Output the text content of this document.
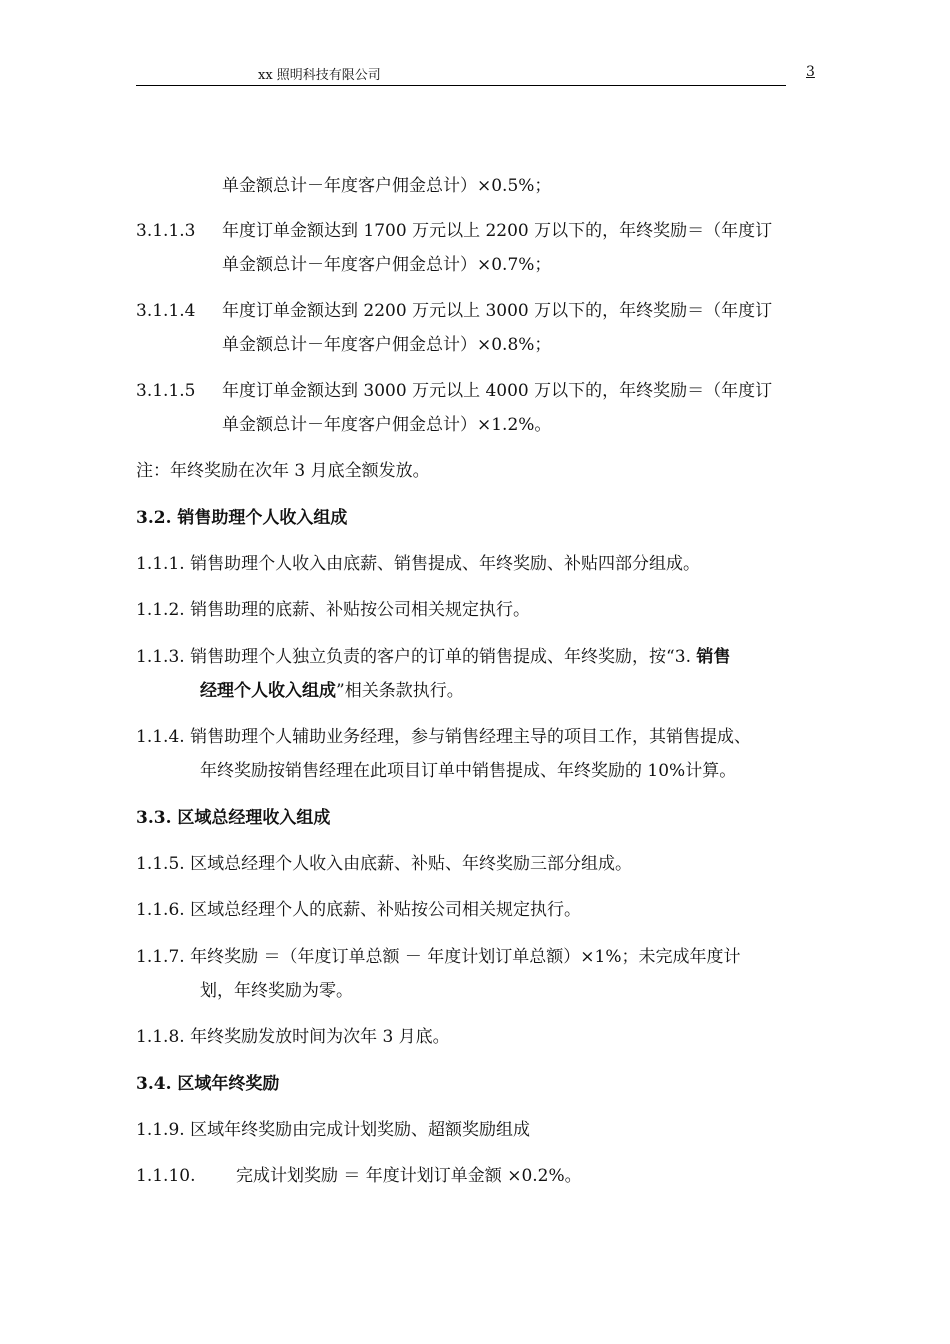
xx 照明科技有限公司	3
单金额总计－年度客户佣金总计）×0.5%；
3.1.1.3 年度订单金额达到 1700 万元以上 2200 万以下的，年终奖励＝（年度订
单金额总计－年度客户佣金总计）×0.7%；
3.1.1.4 年度订单金额达到 2200 万元以上 3000 万以下的，年终奖励＝（年度订
单金额总计－年度客户佣金总计）×0.8%；
3.1.1.5 年度订单金额达到 3000 万元以上 4000 万以下的，年终奖励＝（年度订
单金额总计－年度客户佣金总计）×1.2%。
注：年终奖励在次年 3 月底全额发放。
3.2. 销售助理个人收入组成
1.1.1. 销售助理个人收入由底薪、销售提成、年终奖励、补贴四部分组成。
1.1.2. 销售助理的底薪、补贴按公司相关规定执行。
1.1.3. 销售助理个人独立负责的客户的订单的销售提成、年终奖励，按“3. 销售
经理个人收入组成”相关条款执行。
1.1.4. 销售助理个人辅助业务经理，参与销售经理主导的项目工作，其销售提成、
年终奖励按销售经理在此项目订单中销售提成、年终奖励的 10%计算。
3.3. 区域总经理收入组成
1.1.5. 区域总经理个人收入由底薪、补贴、年终奖励三部分组成。
1.1.6. 区域总经理个人的底薪、补贴按公司相关规定执行。
1.1.7. 年终奖励 ＝（年度订单总额 － 年度计划订单总额）×1%；未完成年度计
划，年终奖励为零。
1.1.8. 年终奖励发放时间为次年 3 月底。
3.4. 区域年终奖励
1.1.9. 区域年终奖励由完成计划奖励、超额奖励组成
1.1.10. 完成计划奖励 ＝ 年度计划订单金额 ×0.2%。
